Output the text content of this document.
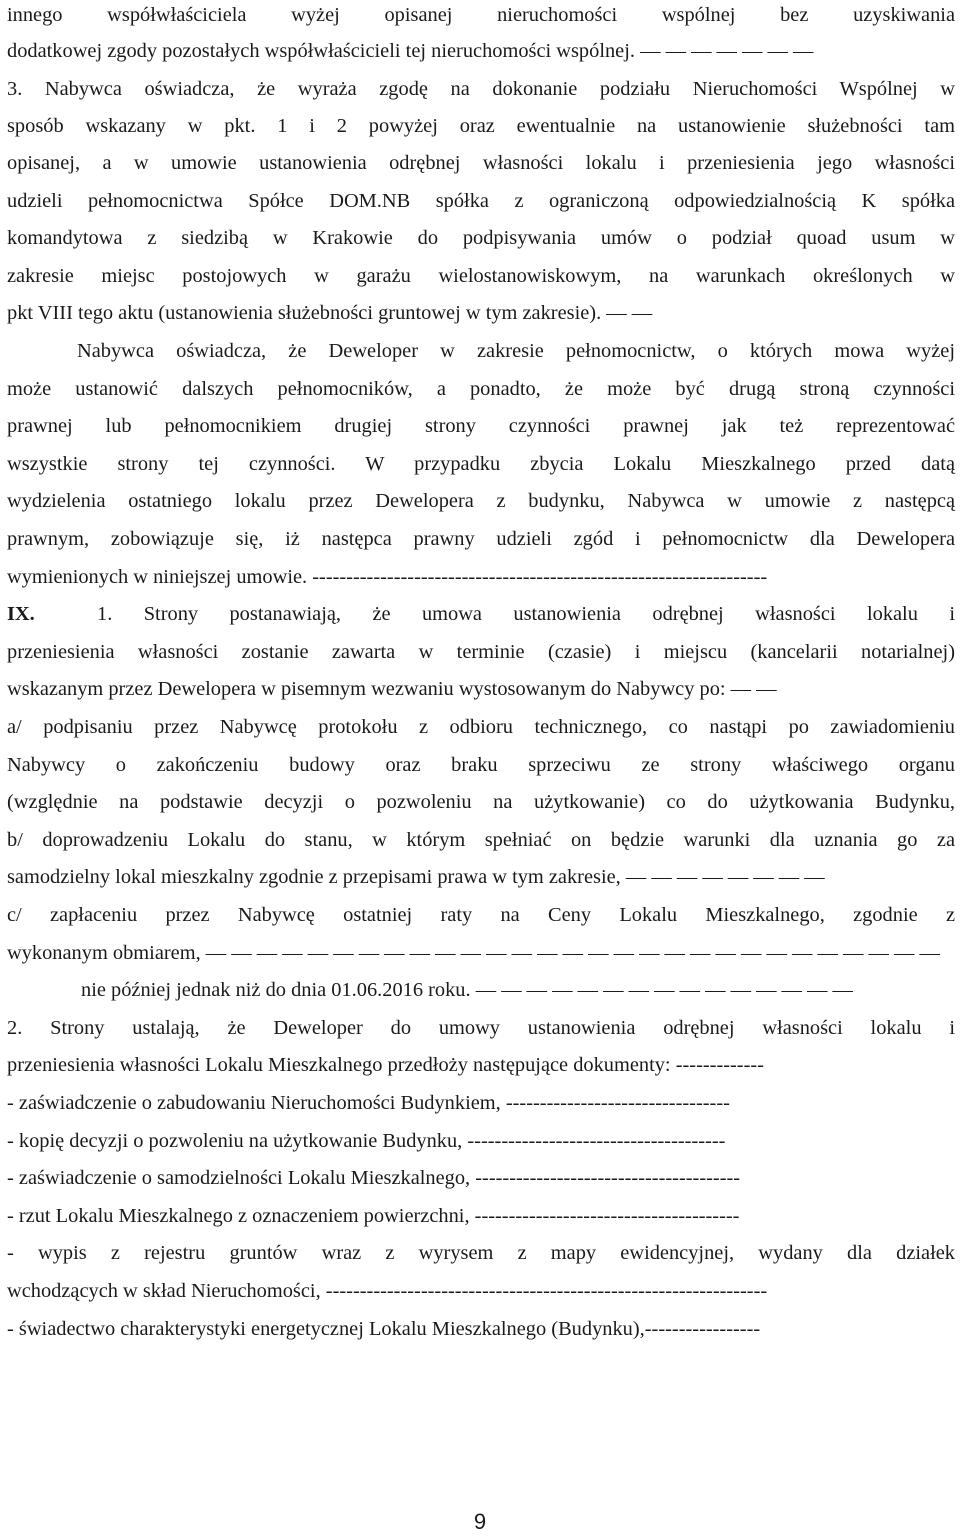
innego współwłaściciela wyżej opisanej nieruchomości wspólnej bez uzyskiwania
dodatkowej zgody pozostałych współwłaścicieli tej nieruchomości wspólnej. — — — — — –– —
3. Nabywca oświadcza, że wyraża zgodę na dokonanie podziału Nieruchomości Wspólnej w
sposób wskazany w pkt. 1 i 2 powyżej oraz ewentualnie na ustanowienie służebności tam
opisanej, a w umowie ustanowienia odrębnej własności lokalu i przeniesienia jego własności
udzieli pełnomocnictwa Spółce DOM.NB spółka z ograniczoną odpowiedzialnością K spółka
komandytowa z siedzibą w Krakowie do podpisywania umów o podział quoad usum w
zakresie miejsc postojowych w garażu wielostanowiskowym, na warunkach określonych w
pkt VIII tego aktu (ustanowienia służebności gruntowej w tym zakresie). — ––
Nabywca oświadcza, że Deweloper w zakresie pełnomocnictw, o których mowa wyżej
może ustanowić dalszych pełnomocników, a ponadto, że może być drugą stroną czynności
prawnej lub pełnomocnikiem drugiej strony czynności prawnej jak też reprezentować
wszystkie strony tej czynności. W przypadku zbycia Lokalu Mieszkalnego przed datą
wydzielenia ostatniego lokalu przez Dewelopera z budynku, Nabywca w umowie z następcą
prawnym, zobowiązuje się, iż następca prawny udzieli zgód i pełnomocnictw dla Dewelopera
wymienionych w niniejszej umowie. -------------------------------------------------------------------
IX.	1. Strony postanawiają, że umowa ustanowienia odrębnej własności lokalu i
przeniesienia własności zostanie zawarta w terminie (czasie) i miejscu (kancelarii notarialnej)
wskazanym przez Dewelopera w pisemnym wezwaniu wystosowanym do Nabywcy po: — —
a/ podpisaniu przez Nabywcę protokołu z odbioru technicznego, co nastąpi po zawiadomieniu
Nabywcy o zakończeniu budowy oraz braku sprzeciwu ze strony właściwego organu
(względnie na podstawie decyzji o pozwoleniu na użytkowanie) co do użytkowania Budynku,
b/ doprowadzeniu Lokalu do stanu, w którym spełniać on będzie warunki dla uznania go za
samodzielny lokal mieszkalny zgodnie z przepisami prawa w tym zakresie, — — — — — — — —
c/ zapłaceniu przez Nabywcę ostatniej raty na Ceny Lokalu Mieszkalnego, zgodnie z
wykonanym obmiarem, — — — — — — — — — — — –– — — — — — — — — — — –– — — — — — —
nie później jednak niż do dnia 01.06.2016 roku. — — — — — — — — — — — — — — —
2. Strony ustalają, że Deweloper do umowy ustanowienia odrębnej własności lokalu i
przeniesienia własności Lokalu Mieszkalnego przedłoży następujące dokumenty: -------------
- zaświadczenie o zabudowaniu Nieruchomości Budynkiem, ---------------------------------
- kopię decyzji o pozwoleniu na użytkowanie Budynku, --------------------------------------
- zaświadczenie o samodzielności Lokalu Mieszkalnego, ---------------------------------------
- rzut Lokalu Mieszkalnego z oznaczeniem powierzchni, ---------------------------------------
- wypis z rejestru gruntów wraz z wyrysem z mapy ewidencyjnej, wydany dla działek
wchodzących w skład Nieruchomości, -----------------------------------------------------------------
- świadectwo charakterystyki energetycznej Lokalu Mieszkalnego (Budynku),-----------------
9
